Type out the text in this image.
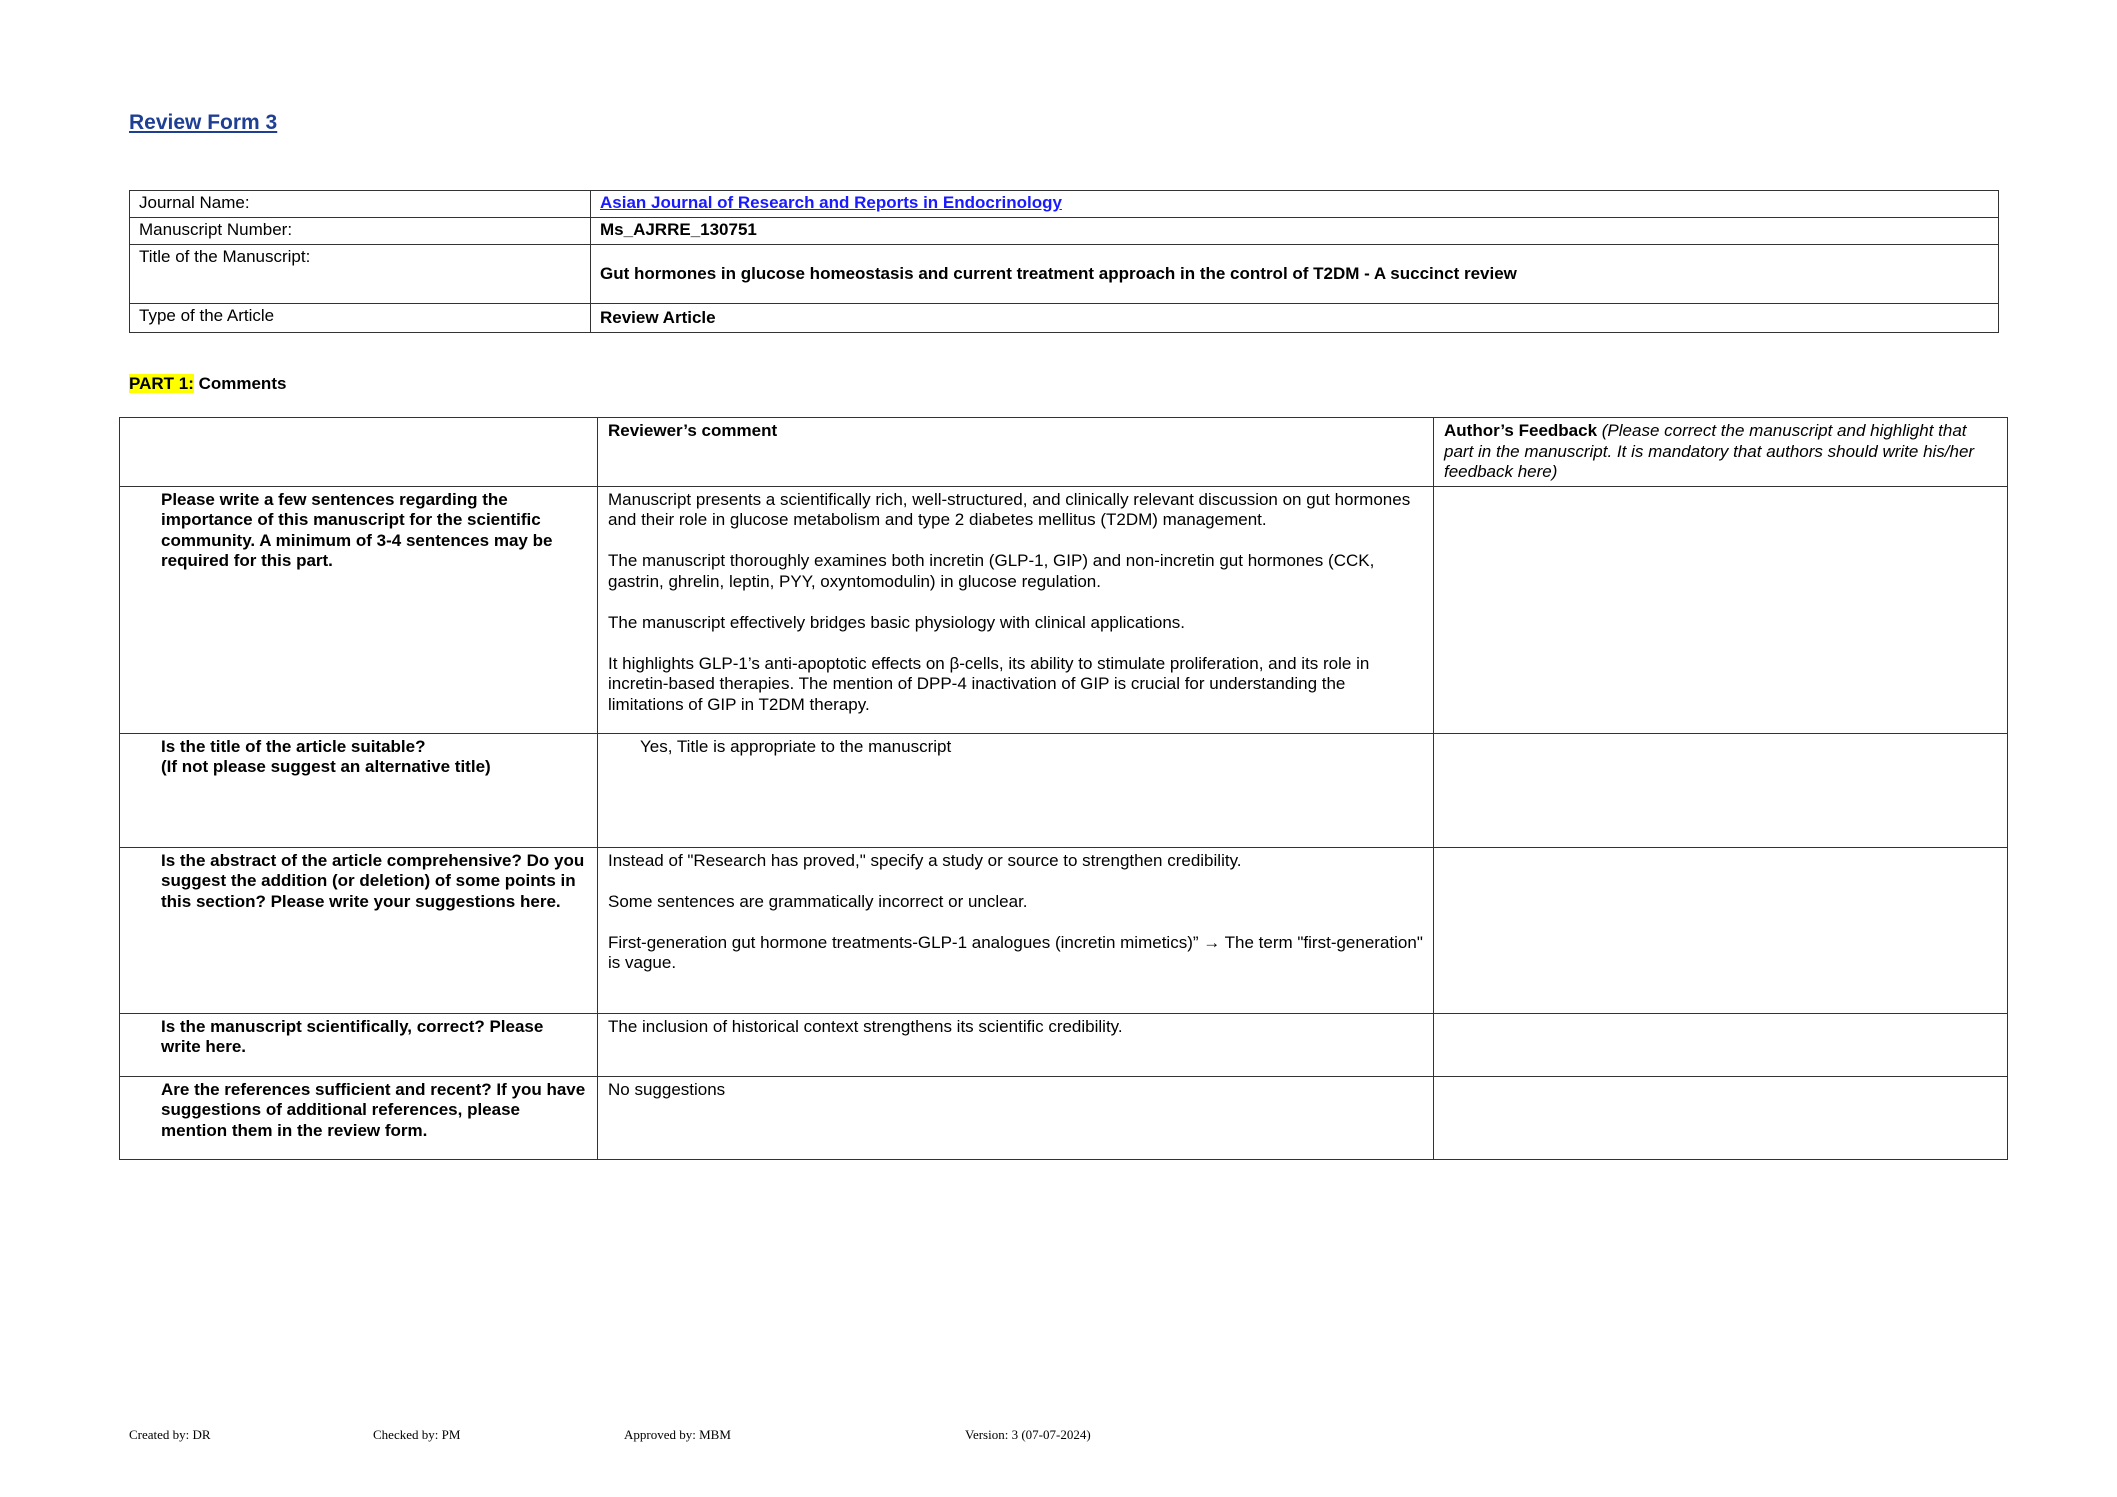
Review Form 3
Journal Name:	Asian Journal of Research and Reports in Endocrinology
Manuscript Number:	Ms_AJRRE_130751
Title of the Manuscript:	Gut hormones in glucose homeostasis and current treatment approach in the control of T2DM - A succinct review
Type of the Article	Review Article
PART 1: Comments
	Reviewer’s comment	Author’s Feedback (Please correct the manuscript and highlight that part in the manuscript. It is mandatory that authors should write his/her feedback here)
Please write a few sentences regarding the importance of this manuscript for the scientific community. A minimum of 3-4 sentences may be required for this part.	Manuscript presents a scientifically rich, well-structured, and clinically relevant discussion on gut hormones and their role in glucose metabolism and type 2 diabetes mellitus (T2DM) management.

The manuscript thoroughly examines both incretin (GLP-1, GIP) and non-incretin gut hormones (CCK, gastrin, ghrelin, leptin, PYY, oxyntomodulin) in glucose regulation.

The manuscript effectively bridges basic physiology with clinical applications.

It highlights GLP-1’s anti-apoptotic effects on β-cells, its ability to stimulate proliferation, and its role in incretin-based therapies. The mention of DPP-4 inactivation of GIP is crucial for understanding the limitations of GIP in T2DM therapy.	

Is the title of the article suitable?
(If not please suggest an alternative title)	Yes, Title is appropriate to the manuscript	

Is the abstract of the article comprehensive? Do you suggest the addition (or deletion) of some points in this section? Please write your suggestions here.	Instead of "Research has proved," specify a study or source to strengthen credibility.

Some sentences are grammatically incorrect or unclear.

First-generation gut hormone treatments-GLP-1 analogues (incretin mimetics)” → The term "first-generation" is vague.	

Is the manuscript scientifically, correct? Please write here.	The inclusion of historical context strengthens its scientific credibility.	

Are the references sufficient and recent? If you have suggestions of additional references, please mention them in the review form.	No suggestions	

Created by: DR	Checked by: PM	Approved by: MBM	Version: 3 (07-07-2024)
